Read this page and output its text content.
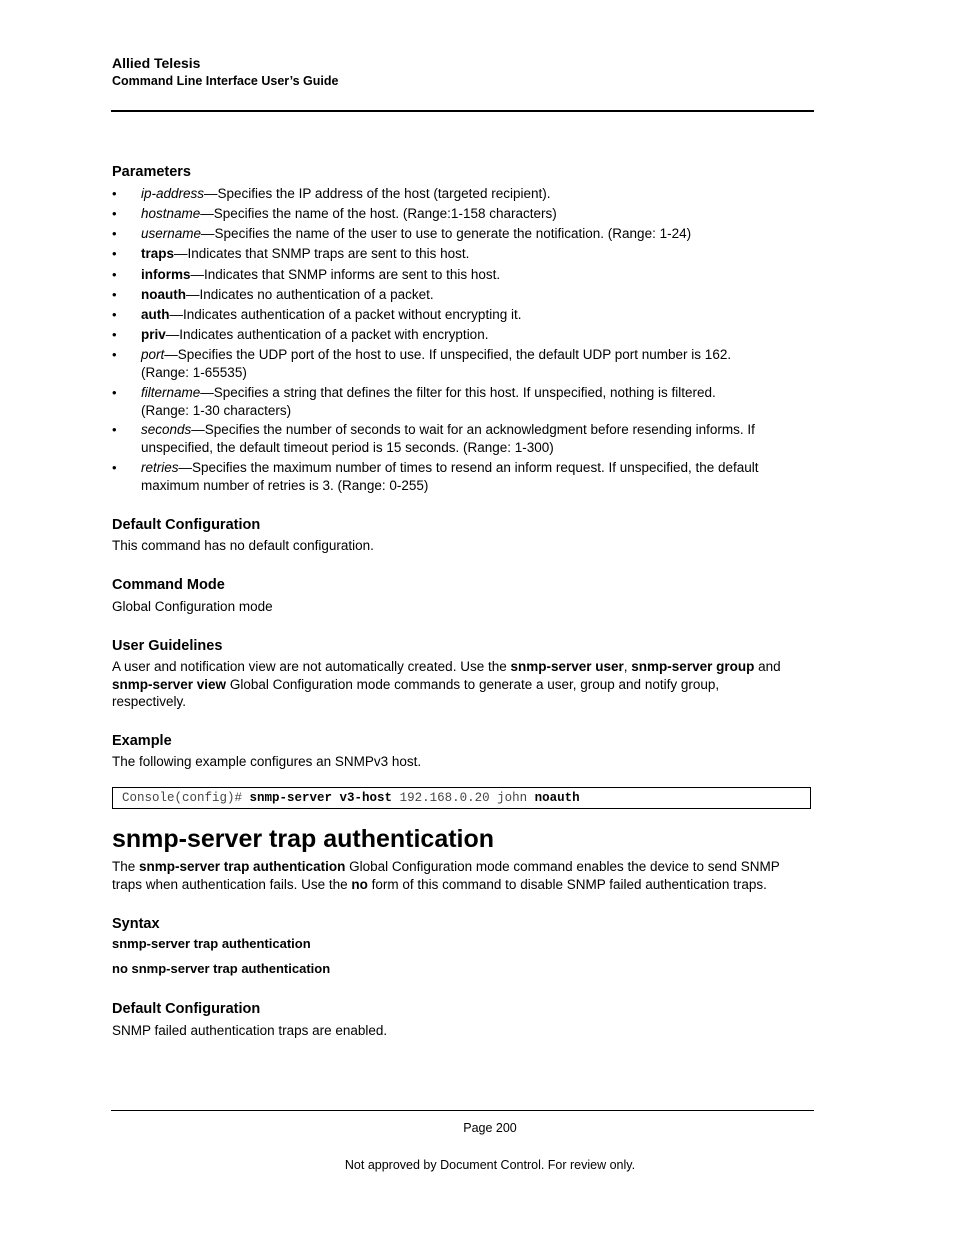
Allied Telesis
Command Line Interface User’s Guide
Parameters
• ip-address—Specifies the IP address of the host (targeted recipient).
• hostname—Specifies the name of the host. (Range:1-158 characters)
• username—Specifies the name of the user to use to generate the notification. (Range: 1-24)
• traps—Indicates that SNMP traps are sent to this host.
• informs—Indicates that SNMP informs are sent to this host.
• noauth—Indicates no authentication of a packet.
• auth—Indicates authentication of a packet without encrypting it.
• priv—Indicates authentication of a packet with encryption.
• port—Specifies the UDP port of the host to use. If unspecified, the default UDP port number is 162.
(Range: 1-65535)
• filtername—Specifies a string that defines the filter for this host. If unspecified, nothing is filtered.
(Range: 1-30 characters)
• seconds—Specifies the number of seconds to wait for an acknowledgment before resending informs. If
unspecified, the default timeout period is 15 seconds. (Range: 1-300)
• retries—Specifies the maximum number of times to resend an inform request. If unspecified, the default
maximum number of retries is 3. (Range: 0-255)
Default Configuration
This command has no default configuration.
Command Mode
Global Configuration mode
User Guidelines
A user and notification view are not automatically created. Use the snmp-server user, snmp-server group and
snmp-server view Global Configuration mode commands to generate a user, group and notify group,
respectively.
Example
The following example configures an SNMPv3 host.
Console(config)# snmp-server v3-host 192.168.0.20 john noauth
snmp-server trap authentication
The snmp-server trap authentication Global Configuration mode command enables the device to send SNMP
traps when authentication fails. Use the no form of this command to disable SNMP failed authentication traps.
Syntax
snmp-server trap authentication
no snmp-server trap authentication
Default Configuration
SNMP failed authentication traps are enabled.
Page 200
Not approved by Document Control. For review only.
